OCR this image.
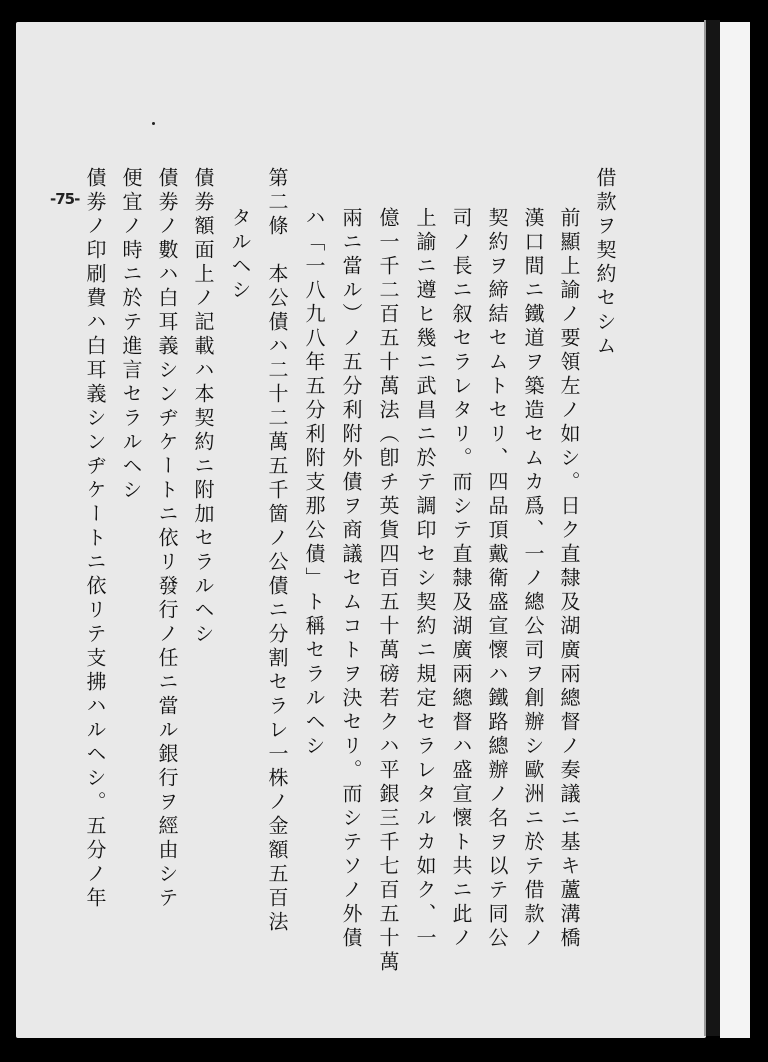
-75-	借款ヲ契約セシム
前顯上諭ノ要領左ノ如シ。日ク直隸及湖廣兩總督ノ奏議ニ基キ蘆溝橋
漢口間ニ鐵道ヲ築造セムカ爲、一ノ總公司ヲ創辦シ歐洲ニ於テ借款ノ
契約ヲ締結セムトセリ、四品頂戴衛盛宣懷ハ鐵路總辦ノ名ヲ以テ同公
司ノ長ニ叙セラレタリ。而シテ直隸及湖廣兩總督ハ盛宣懷ト共ニ此ノ
上諭ニ遵ヒ幾ニ武昌ニ於テ調印セシ契約ニ規定セラレタルカ如ク、一
億一千二百五十萬法（卽チ英貨四百五十萬磅若クハ平銀三千七百五十萬
兩ニ當ル）ノ五分利附外債ヲ商議セムコトヲ決セリ。而シテソノ外債
ハ「一八九八年五分利附支那公債」ト稱セラルヘシ
第二條　本公債ハ二十二萬五千箇ノ公債ニ分割セラレ一株ノ金額五百法
タルヘシ
債劵額面上ノ記載ハ本契約ニ附加セラルヘシ
債劵ノ數ハ白耳義シンヂケートニ依リ發行ノ任ニ當ル銀行ヲ經由シテ
便宜ノ時ニ於テ進言セラルヘシ
債劵ノ印刷費ハ白耳義シンヂケートニ依リテ支拂ハルヘシ。五分ノ年
